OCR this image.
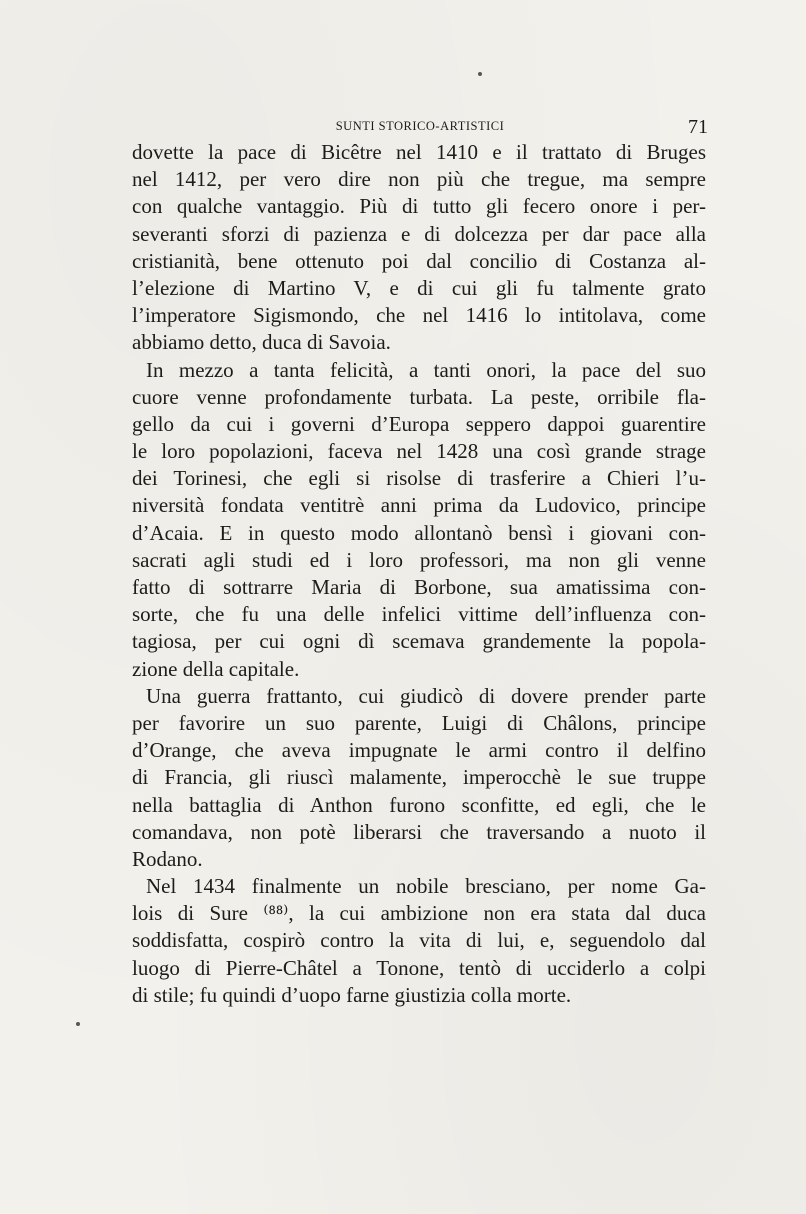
SUNTI STORICO-ARTISTICI	71
dovette la pace di Bicêtre nel 1410 e il trattato di Bruges
nel 1412, per vero dire non più che tregue, ma sempre
con qualche vantaggio. Più di tutto gli fecero onore i per-
severanti sforzi di pazienza e di dolcezza per dar pace alla
cristianità, bene ottenuto poi dal concilio di Costanza al-
l’elezione di Martino V, e di cui gli fu talmente grato
l’imperatore Sigismondo, che nel 1416 lo intitolava, come
abbiamo detto, duca di Savoia.
In mezzo a tanta felicità, a tanti onori, la pace del suo
cuore venne profondamente turbata. La peste, orribile fla-
gello da cui i governi d’Europa seppero dappoi guarentire
le loro popolazioni, faceva nel 1428 una così grande strage
dei Torinesi, che egli si risolse di trasferire a Chieri l’u-
niversità fondata ventitrè anni prima da Ludovico, principe
d’Acaia. E in questo modo allontanò bensì i giovani con-
sacrati agli studi ed i loro professori, ma non gli venne
fatto di sottrarre Maria di Borbone, sua amatissima con-
sorte, che fu una delle infelici vittime dell’influenza con-
tagiosa, per cui ogni dì scemava grandemente la popola-
zione della capitale.
Una guerra frattanto, cui giudicò di dovere prender parte
per favorire un suo parente, Luigi di Châlons, principe
d’Orange, che aveva impugnate le armi contro il delfino
di Francia, gli riuscì malamente, imperocchè le sue truppe
nella battaglia di Anthon furono sconfitte, ed egli, che le
comandava, non potè liberarsi che traversando a nuoto il
Rodano.
Nel 1434 finalmente un nobile bresciano, per nome Ga-
lois di Sure ⁽⁸⁸⁾, la cui ambizione non era stata dal duca
soddisfatta, cospirò contro la vita di lui, e, seguendolo dal
luogo di Pierre-Châtel a Tonone, tentò di ucciderlo a colpi
di stile; fu quindi d’uopo farne giustizia colla morte.
